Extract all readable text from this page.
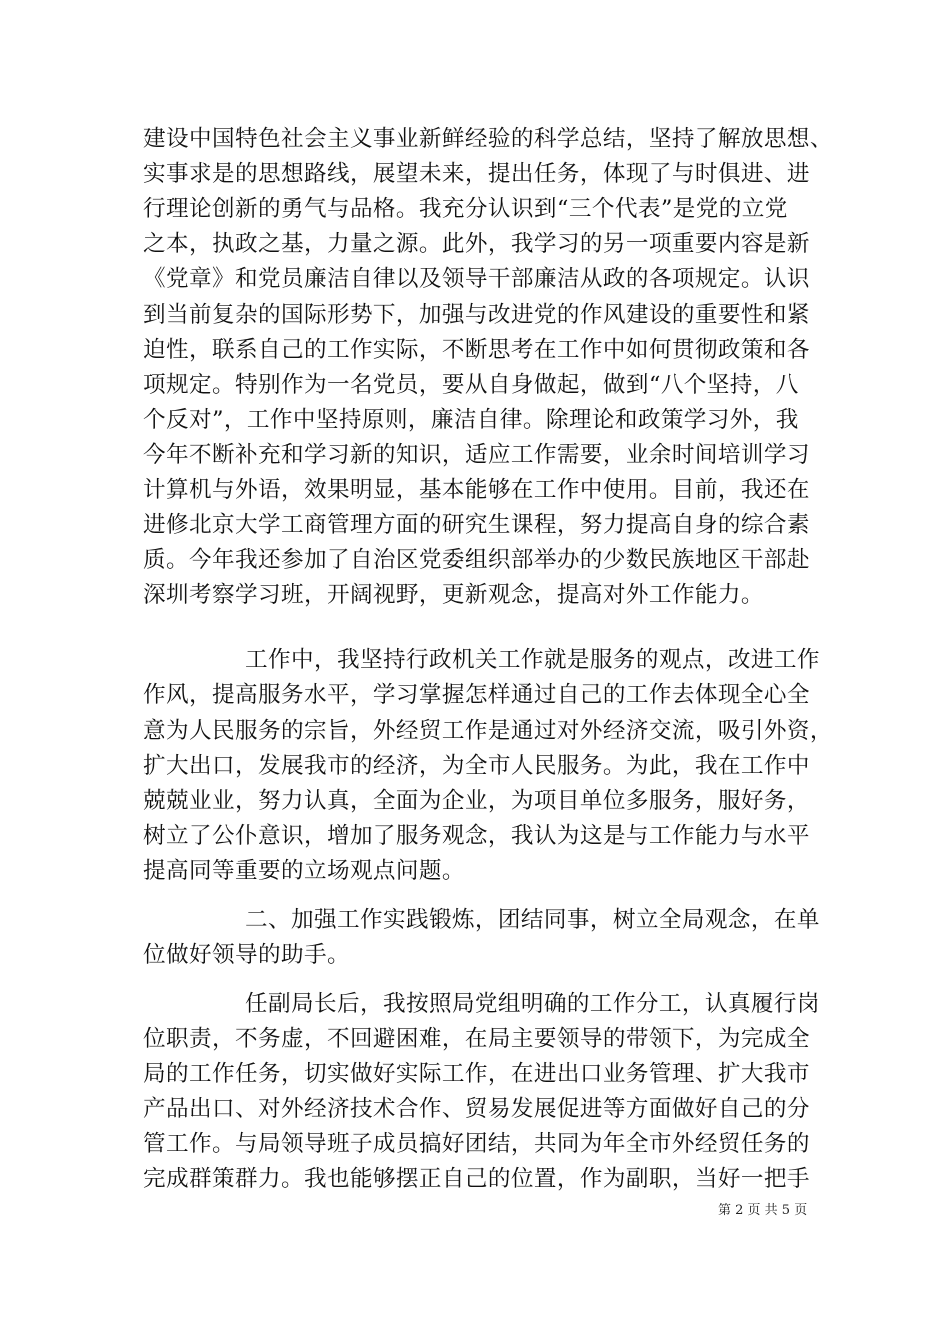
建设中国特色社会主义事业新鲜经验的科学总结，坚持了解放思想、
实事求是的思想路线，展望未来，提出任务，体现了与时俱进、进
行理论创新的勇气与品格。我充分认识到“三个代表”是党的立党
之本，执政之基，力量之源。此外，我学习的另一项重要内容是新
《党章》和党员廉洁自律以及领导干部廉洁从政的各项规定。认识
到当前复杂的国际形势下，加强与改进党的作风建设的重要性和紧
迫性，联系自己的工作实际，不断思考在工作中如何贯彻政策和各
项规定。特别作为一名党员，要从自身做起，做到“八个坚持，八
个反对”，工作中坚持原则，廉洁自律。除理论和政策学习外，我
今年不断补充和学习新的知识，适应工作需要，业余时间培训学习
计算机与外语，效果明显，基本能够在工作中使用。目前，我还在
进修北京大学工商管理方面的研究生课程，努力提高自身的综合素
质。今年我还参加了自治区党委组织部举办的少数民族地区干部赴
深圳考察学习班，开阔视野，更新观念，提高对外工作能力。
工作中，我坚持行政机关工作就是服务的观点，改进工作
作风，提高服务水平，学习掌握怎样通过自己的工作去体现全心全
意为人民服务的宗旨，外经贸工作是通过对外经济交流，吸引外资，
扩大出口，发展我市的经济，为全市人民服务。为此，我在工作中
兢兢业业，努力认真，全面为企业，为项目单位多服务，服好务，
树立了公仆意识，增加了服务观念，我认为这是与工作能力与水平
提高同等重要的立场观点问题。
二、加强工作实践锻炼，团结同事，树立全局观念，在单
位做好领导的助手。
任副局长后，我按照局党组明确的工作分工，认真履行岗
位职责，不务虚，不回避困难，在局主要领导的带领下，为完成全
局的工作任务，切实做好实际工作，在进出口业务管理、扩大我市
产品出口、对外经济技术合作、贸易发展促进等方面做好自己的分
管工作。与局领导班子成员搞好团结，共同为年全市外经贸任务的
完成群策群力。我也能够摆正自己的位置，作为副职，当好一把手
第 2 页 共 5 页
